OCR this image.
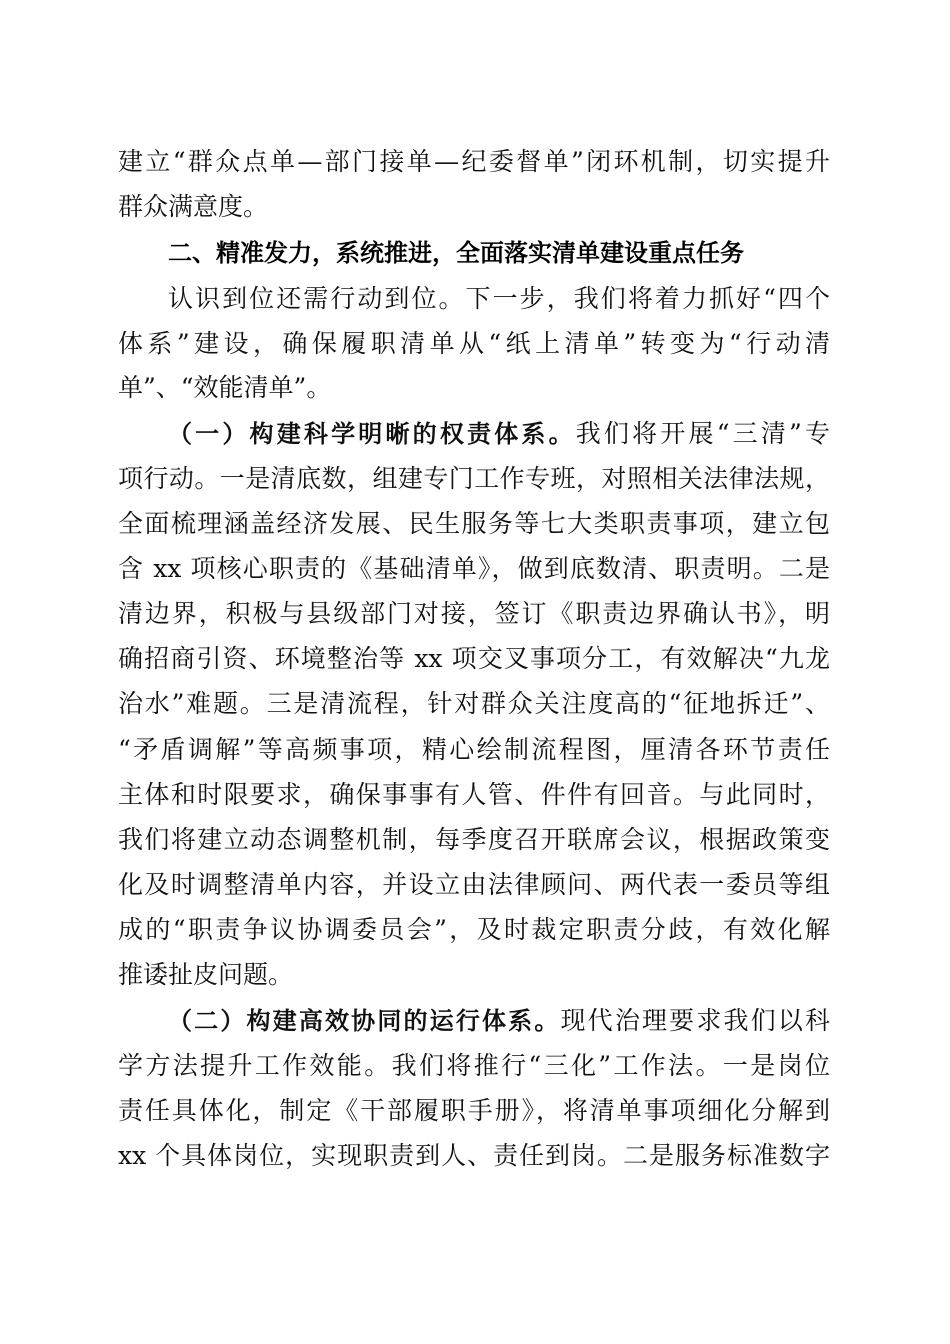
建立“群众点单—部门接单—纪委督单”闭环机制，切实提升
群众满意度。
二、精准发力，系统推进，全面落实清单建设重点任务
认识到位还需行动到位。下一步，我们将着力抓好“四个
体系”建设，确保履职清单从“纸上清单”转变为“行动清
单”、“效能清单”。
（一）构建科学明晰的权责体系。我们将开展“三清”专
项行动。一是清底数，组建专门工作专班，对照相关法律法规，
全面梳理涵盖经济发展、民生服务等七大类职责事项，建立包
含 xx 项核心职责的《基础清单》，做到底数清、职责明。二是
清边界，积极与县级部门对接，签订《职责边界确认书》，明
确招商引资、环境整治等 xx 项交叉事项分工，有效解决“九龙
治水”难题。三是清流程，针对群众关注度高的“征地拆迁”、
“矛盾调解”等高频事项，精心绘制流程图，厘清各环节责任
主体和时限要求，确保事事有人管、件件有回音。与此同时，
我们将建立动态调整机制，每季度召开联席会议，根据政策变
化及时调整清单内容，并设立由法律顾问、两代表一委员等组
成的“职责争议协调委员会”，及时裁定职责分歧，有效化解
推诿扯皮问题。
（二）构建高效协同的运行体系。现代治理要求我们以科
学方法提升工作效能。我们将推行“三化”工作法。一是岗位
责任具体化，制定《干部履职手册》，将清单事项细化分解到
xx 个具体岗位，实现职责到人、责任到岗。二是服务标准数字
